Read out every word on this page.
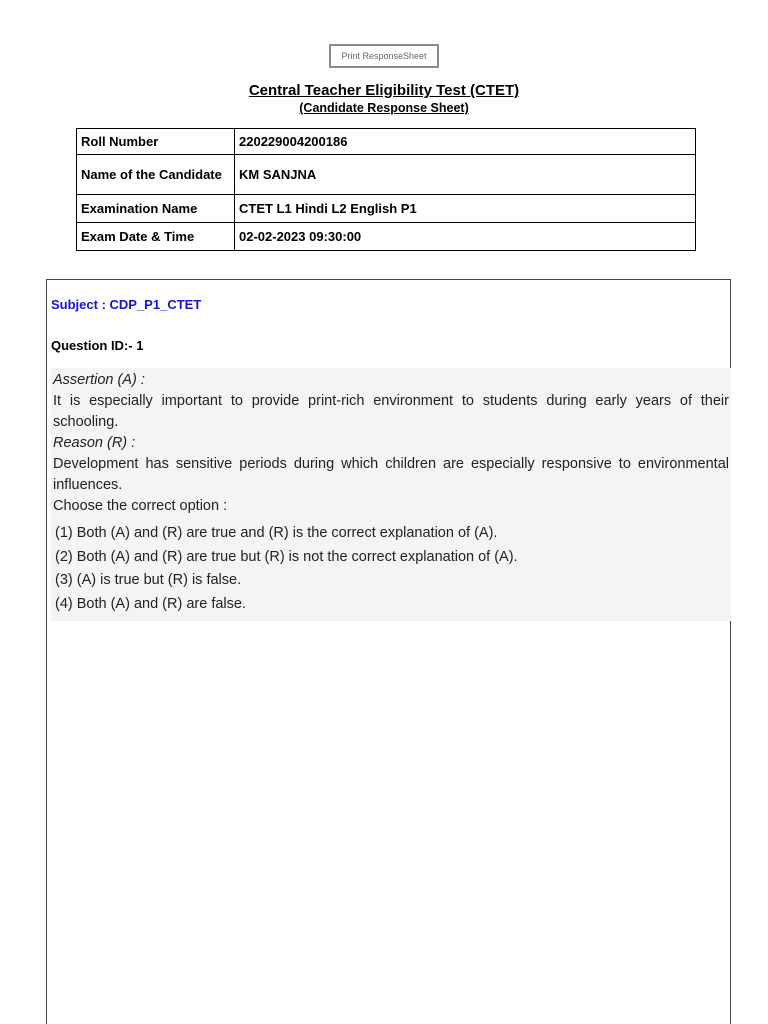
Print ResponseSheet
Central Teacher Eligibility Test (CTET)
(Candidate Response Sheet)
Roll Number	220229004200186
Name of the Candidate	KM SANJNA
Examination Name	CTET L1 Hindi L2 English P1
Exam Date & Time	02-02-2023 09:30:00
Subject : CDP_P1_CTET
Question ID:- 1
Assertion (A) :
It is especially important to provide print-rich environment to students during early years of their schooling.
Reason (R) :
Development has sensitive periods during which children are especially responsive to environmental influences.
Choose the correct option :
(1) Both (A) and (R) are true and (R) is the correct explanation of (A).
(2) Both (A) and (R) are true but (R) is not the correct explanation of (A).
(3) (A) is true but (R) is false.
(4) Both (A) and (R) are false.
